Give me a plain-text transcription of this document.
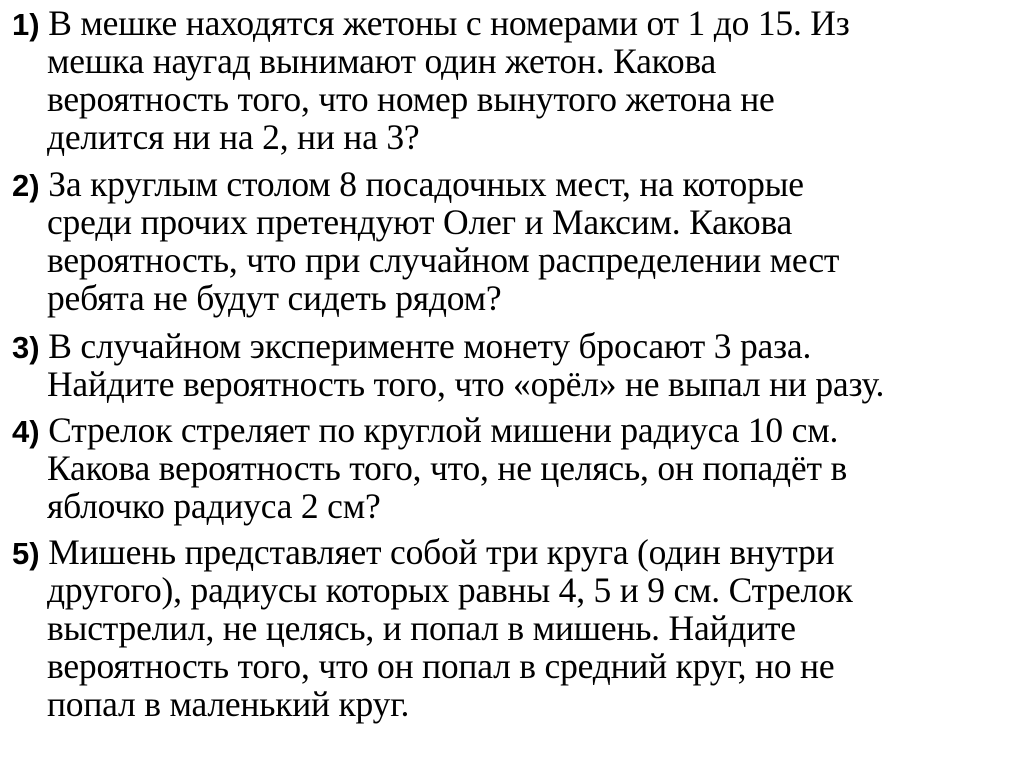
1) В мешке находятся жетоны с номерами от 1 до 15. Из
мешка наугад вынимают один жетон. Какова
вероятность того, что номер вынутого жетона не
делится ни на 2, ни на 3?
2) За круглым столом 8 посадочных мест, на которые
среди прочих претендуют Олег и Максим. Какова
вероятность, что при случайном распределении мест
ребята не будут сидеть рядом?
3) В случайном эксперименте монету бросают 3 раза.
Найдите вероятность того, что «орёл» не выпал ни разу.
4) Стрелок стреляет по круглой мишени радиуса 10 см.
Какова вероятность того, что, не целясь, он попадёт в
яблочко радиуса 2 см?
5) Мишень представляет собой три круга (один внутри
другого), радиусы которых равны 4, 5 и 9 см. Стрелок
выстрелил, не целясь, и попал в мишень. Найдите
вероятность того, что он попал в средний круг, но не
попал в маленький круг.
